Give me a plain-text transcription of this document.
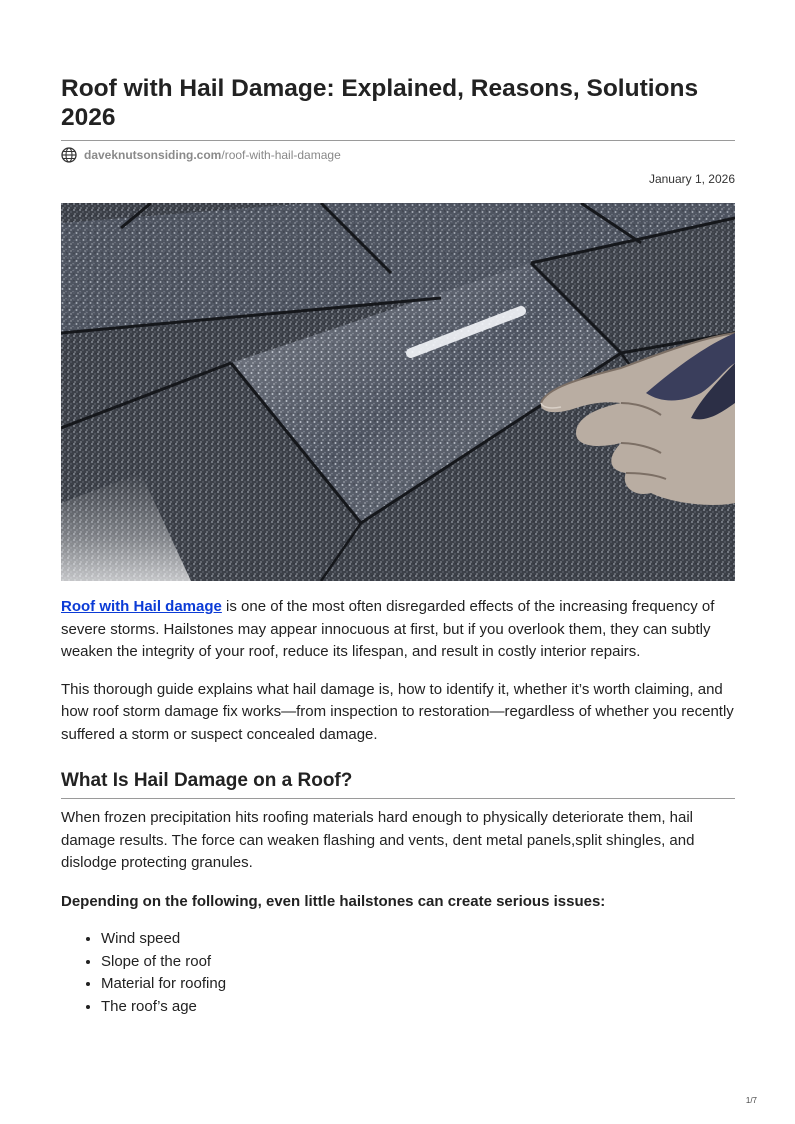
Roof with Hail Damage: Explained, Reasons, Solutions 2026
daveknutsonsiding.com/roof-with-hail-damage
January 1, 2026

Roof with Hail damage is one of the most often disregarded effects of the increasing frequency of severe storms. Hailstones may appear innocuous at first, but if you overlook them, they can subtly weaken the integrity of your roof, reduce its lifespan, and result in costly interior repairs.

This thorough guide explains what hail damage is, how to identify it, whether it’s worth claiming, and how roof storm damage fix works—from inspection to restoration—regardless of whether you recently suffered a storm or suspect concealed damage.

What Is Hail Damage on a Roof?

When frozen precipitation hits roofing materials hard enough to physically deteriorate them, hail damage results. The force can weaken flashing and vents, dent metal panels,split shingles, and dislodge protecting granules.

Depending on the following, even little hailstones can create serious issues:

• Wind speed
• Slope of the roof
• Material for roofing
• The roof’s age
1/7
